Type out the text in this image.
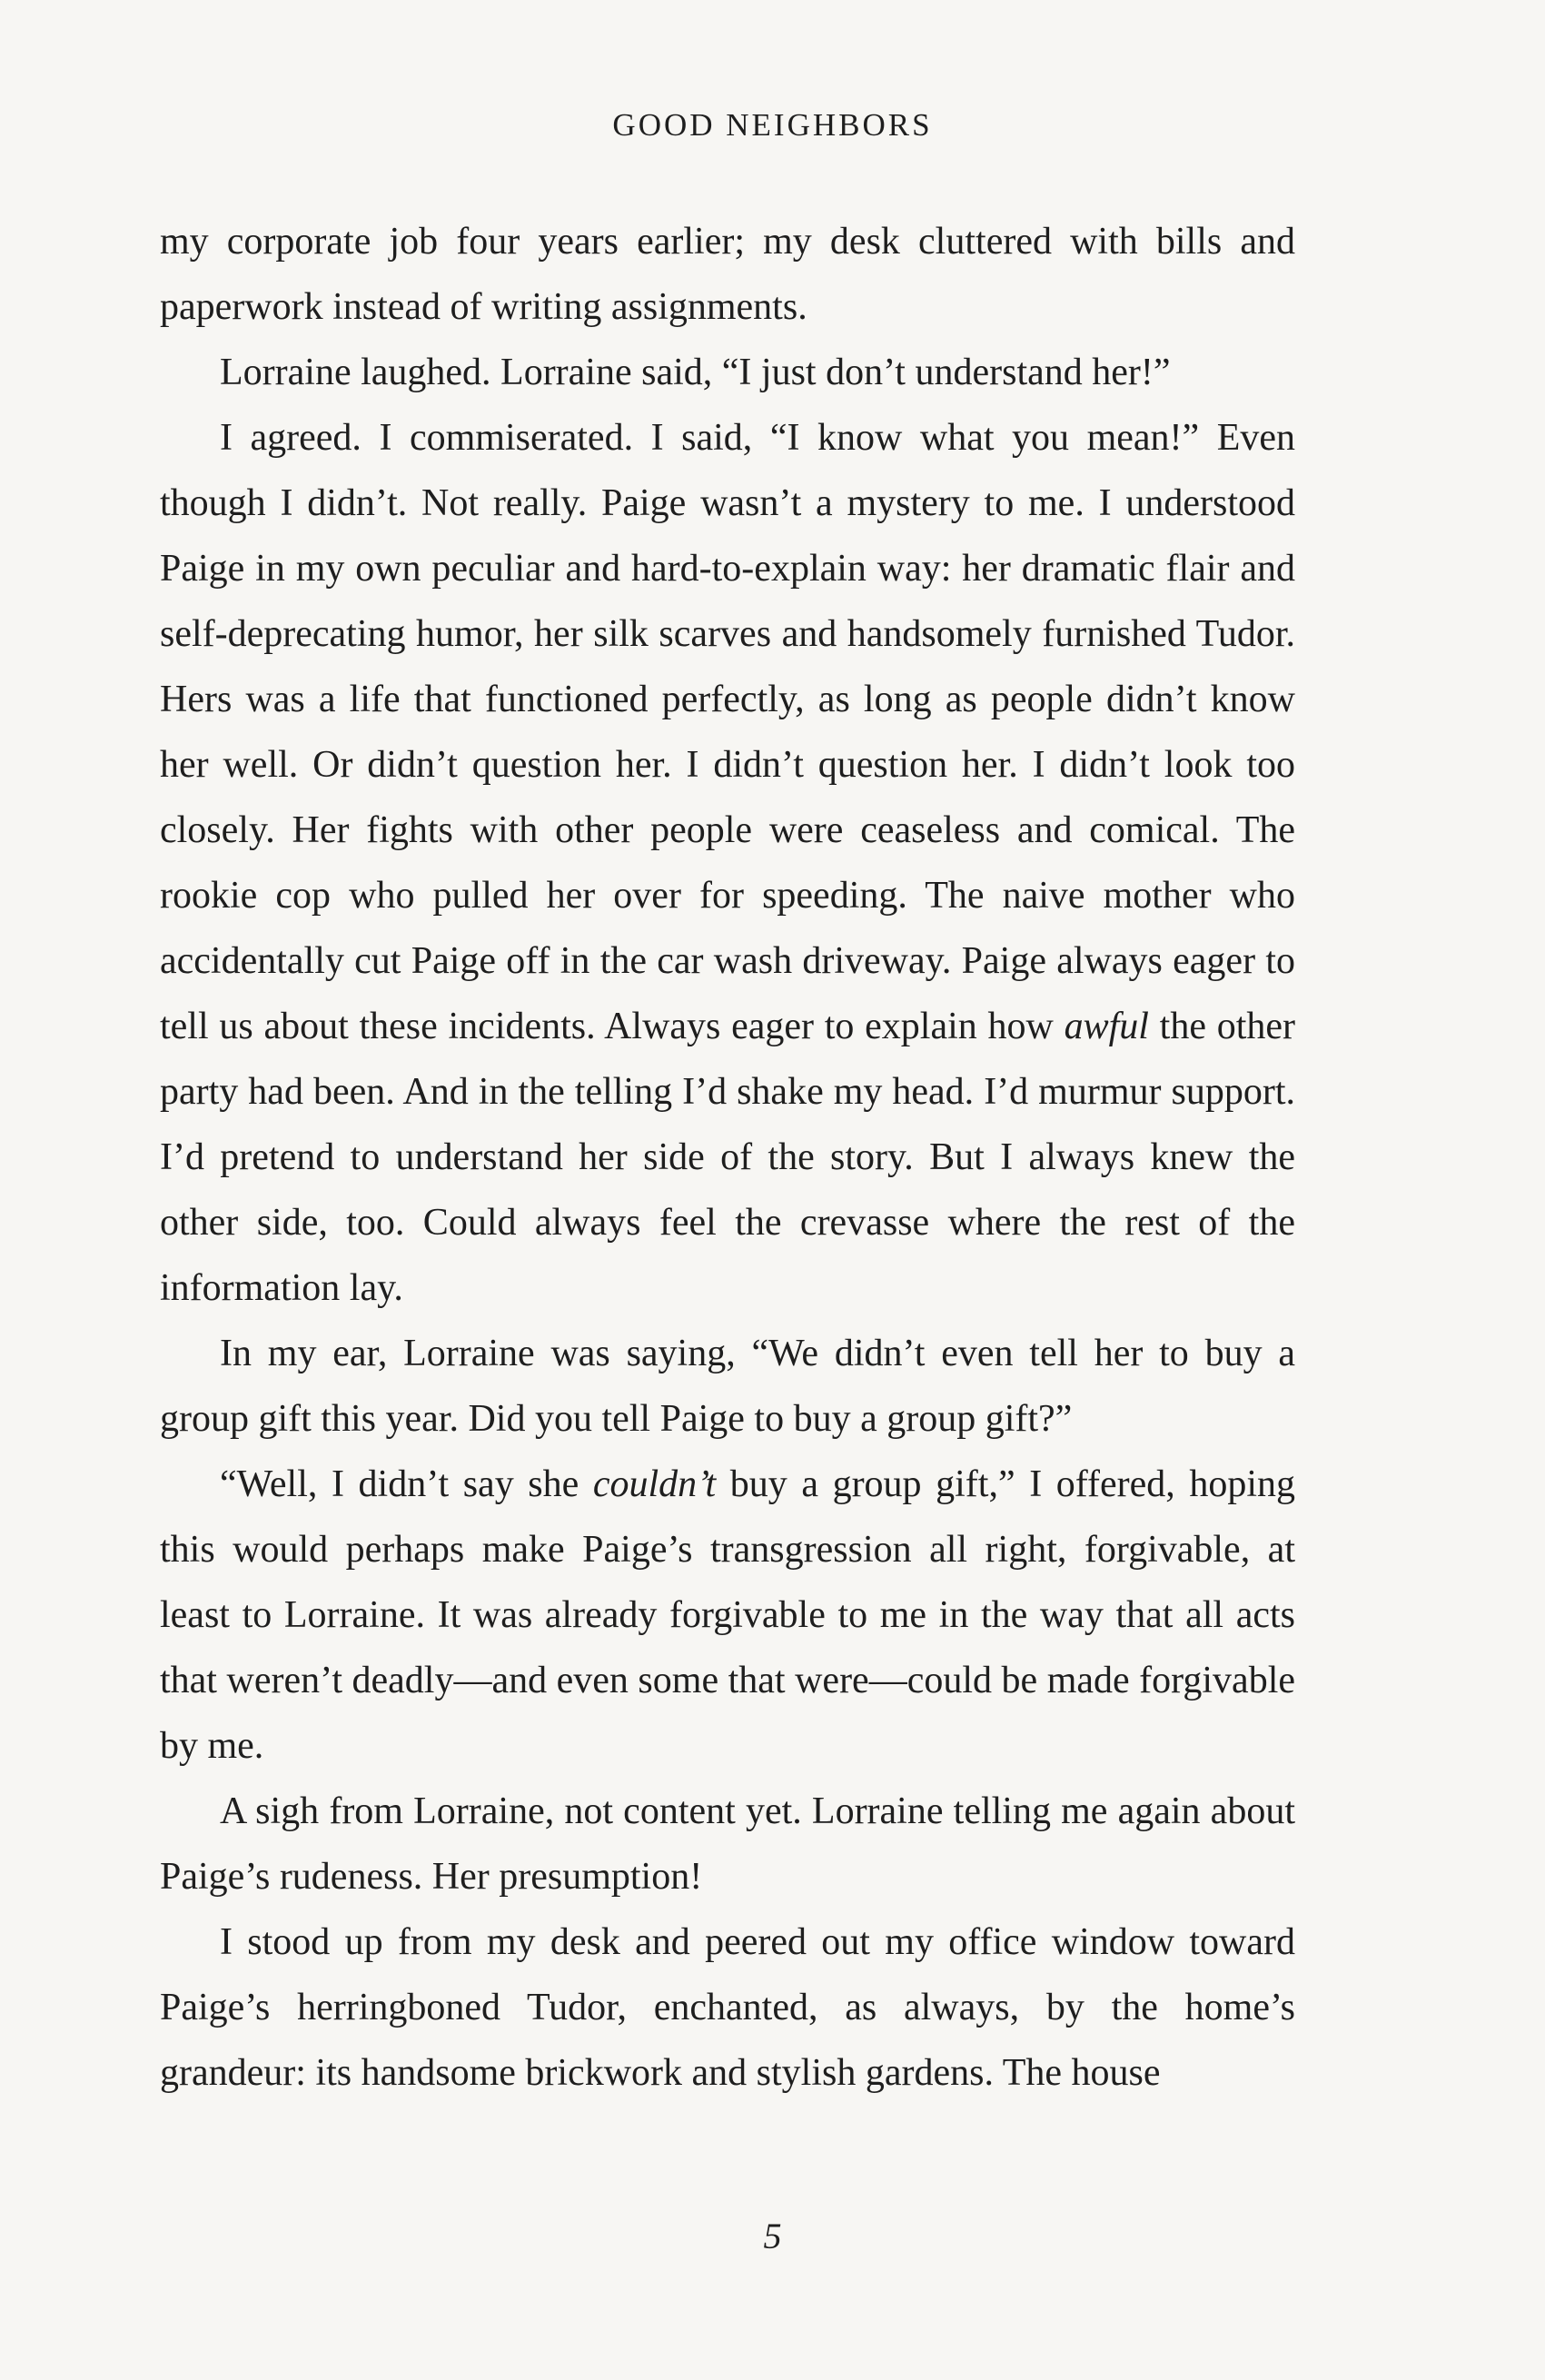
GOOD NEIGHBORS

my corporate job four years earlier; my desk cluttered with bills and paperwork instead of writing assignments.

Lorraine laughed. Lorraine said, “I just don’t understand her!”

I agreed. I commiserated. I said, “I know what you mean!” Even though I didn’t. Not really. Paige wasn’t a mystery to me. I understood Paige in my own peculiar and hard-to-explain way: her dramatic flair and self-deprecating humor, her silk scarves and handsomely furnished Tudor. Hers was a life that functioned perfectly, as long as people didn’t know her well. Or didn’t question her. I didn’t question her. I didn’t look too closely. Her fights with other people were ceaseless and comical. The rookie cop who pulled her over for speeding. The naive mother who accidentally cut Paige off in the car wash driveway. Paige always eager to tell us about these incidents. Always eager to explain how awful the other party had been. And in the telling I’d shake my head. I’d murmur support. I’d pretend to understand her side of the story. But I always knew the other side, too. Could always feel the crevasse where the rest of the information lay.

In my ear, Lorraine was saying, “We didn’t even tell her to buy a group gift this year. Did you tell Paige to buy a group gift?”

“Well, I didn’t say she couldn’t buy a group gift,” I offered, hoping this would perhaps make Paige’s transgression all right, forgivable, at least to Lorraine. It was already forgivable to me in the way that all acts that weren’t deadly—and even some that were—could be made forgivable by me.

A sigh from Lorraine, not content yet. Lorraine telling me again about Paige’s rudeness. Her presumption!

I stood up from my desk and peered out my office window toward Paige’s herringboned Tudor, enchanted, as always, by the home’s grandeur: its handsome brickwork and stylish gardens. The house

5
